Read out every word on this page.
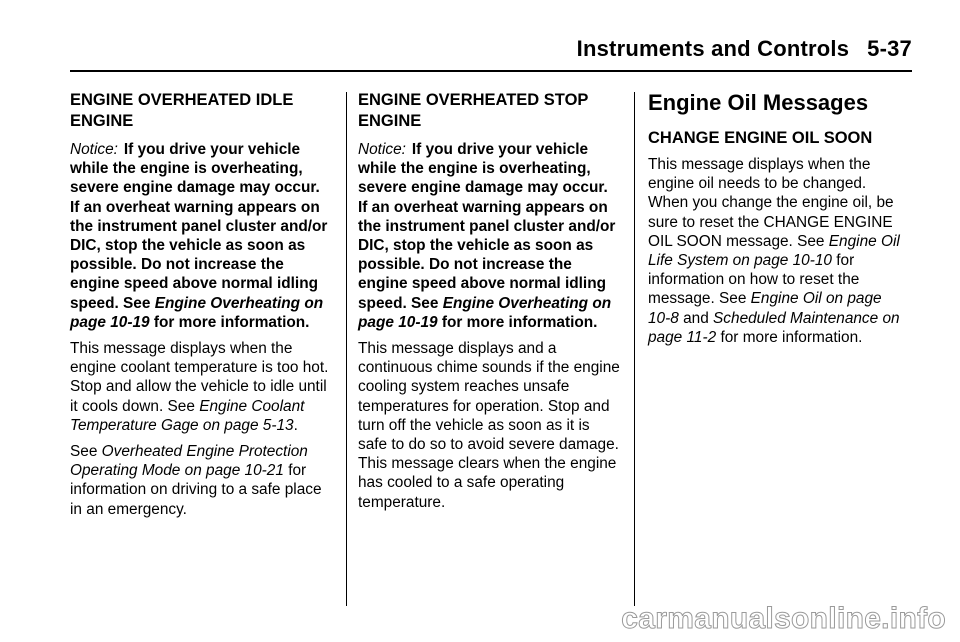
Instruments and Controls 5-37
ENGINE OVERHEATED IDLE ENGINE

Notice: If you drive your vehicle while the engine is overheating, severe engine damage may occur. If an overheat warning appears on the instrument panel cluster and/or DIC, stop the vehicle as soon as possible. Do not increase the engine speed above normal idling speed. See Engine Overheating on page 10‑19 for more information.

This message displays when the engine coolant temperature is too hot. Stop and allow the vehicle to idle until it cools down. See Engine Coolant Temperature Gage on page 5‑13.

See Overheated Engine Protection Operating Mode on page 10‑21 for information on driving to a safe place in an emergency.

ENGINE OVERHEATED STOP ENGINE

Notice: If you drive your vehicle while the engine is overheating, severe engine damage may occur. If an overheat warning appears on the instrument panel cluster and/or DIC, stop the vehicle as soon as possible. Do not increase the engine speed above normal idling speed. See Engine Overheating on page 10‑19 for more information.

This message displays and a continuous chime sounds if the engine cooling system reaches unsafe temperatures for operation. Stop and turn off the vehicle as soon as it is safe to do so to avoid severe damage. This message clears when the engine has cooled to a safe operating temperature.

Engine Oil Messages
CHANGE ENGINE OIL SOON

This message displays when the engine oil needs to be changed. When you change the engine oil, be sure to reset the CHANGE ENGINE OIL SOON message. See Engine Oil Life System on page 10‑10 for information on how to reset the message. See Engine Oil on page 10‑8 and Scheduled Maintenance on page 11‑2 for more information.

carmanualsonline.info
